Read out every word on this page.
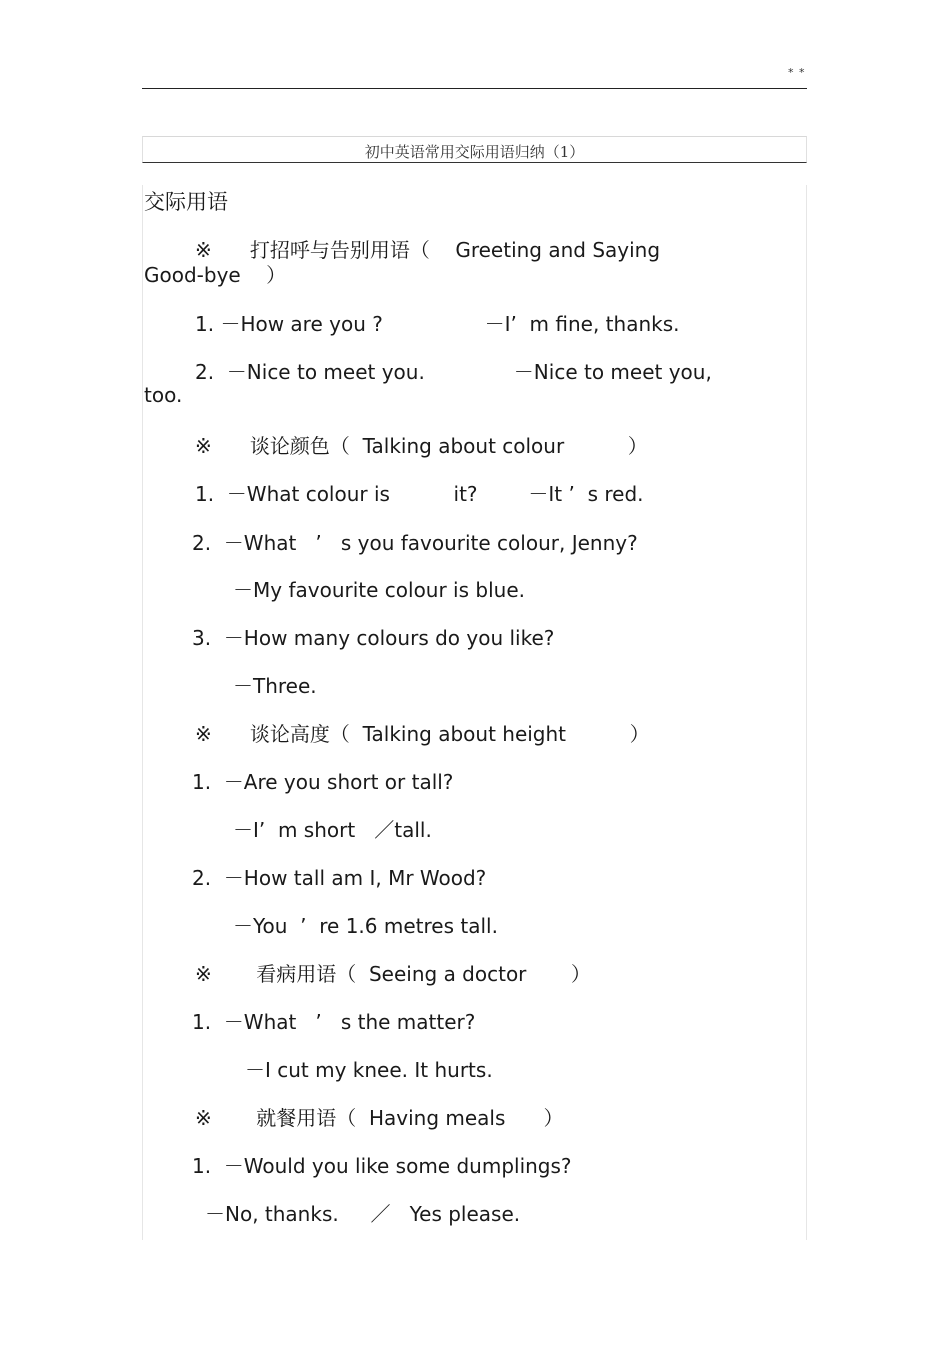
* *
初中英语常用交际用语归纳（1）
交际用语
※      打招呼与告别用语（    Greeting and Saying
Good-bye    ）
1. －How are you ?                －I’  m fine, thanks.
2.  －Nice to meet you.              －Nice to meet you,
too.
※      谈论颜色（  Talking about colour          ）
1.  －What colour is          it?        －It ’  s red.
2.  －What   ’   s you favourite colour, Jenny?
－My favourite colour is blue.
3.  －How many colours do you like?
－Three.
※      谈论高度（  Talking about height          ）
1.  －Are you short or tall?
－I’  m short   ／tall.
2.  －How tall am I, Mr Wood?
－You  ’  re 1.6 metres tall.
※       看病用语（  Seeing a doctor       ）
1.  －What   ’   s the matter?
－I cut my knee. It hurts.
※       就餐用语（  Having meals      ）
1.  －Would you like some dumplings?
－No, thanks.     ／   Yes please.
